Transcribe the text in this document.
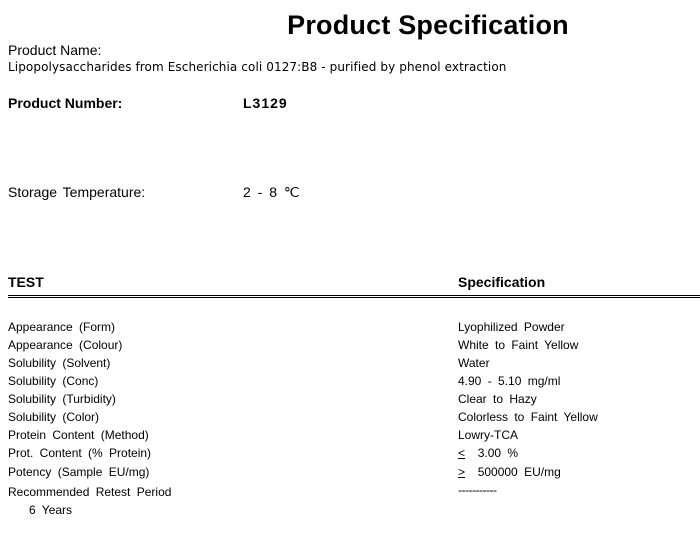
Product Specification
Product Name:
Lipopolysaccharides from Escherichia coli 0127:B8 - purified by phenol extraction
Product Number:	L3129
Storage Temperature:	2 - 8 ℃
TEST	Specification
Appearance (Form)	Lyophilized Powder
Appearance (Colour)	White to Faint Yellow
Solubility (Solvent)	Water
Solubility (Conc)	4.90 - 5.10 mg/ml
Solubility (Turbidity)	Clear to Hazy
Solubility (Color)	Colorless to Faint Yellow
Protein Content (Method)	Lowry-TCA
Prot. Content (% Protein)	≤ 3.00 %
Potency (Sample EU/mg)	≥ 500000 EU/mg
Recommended Retest Period	-----------
6 Years
